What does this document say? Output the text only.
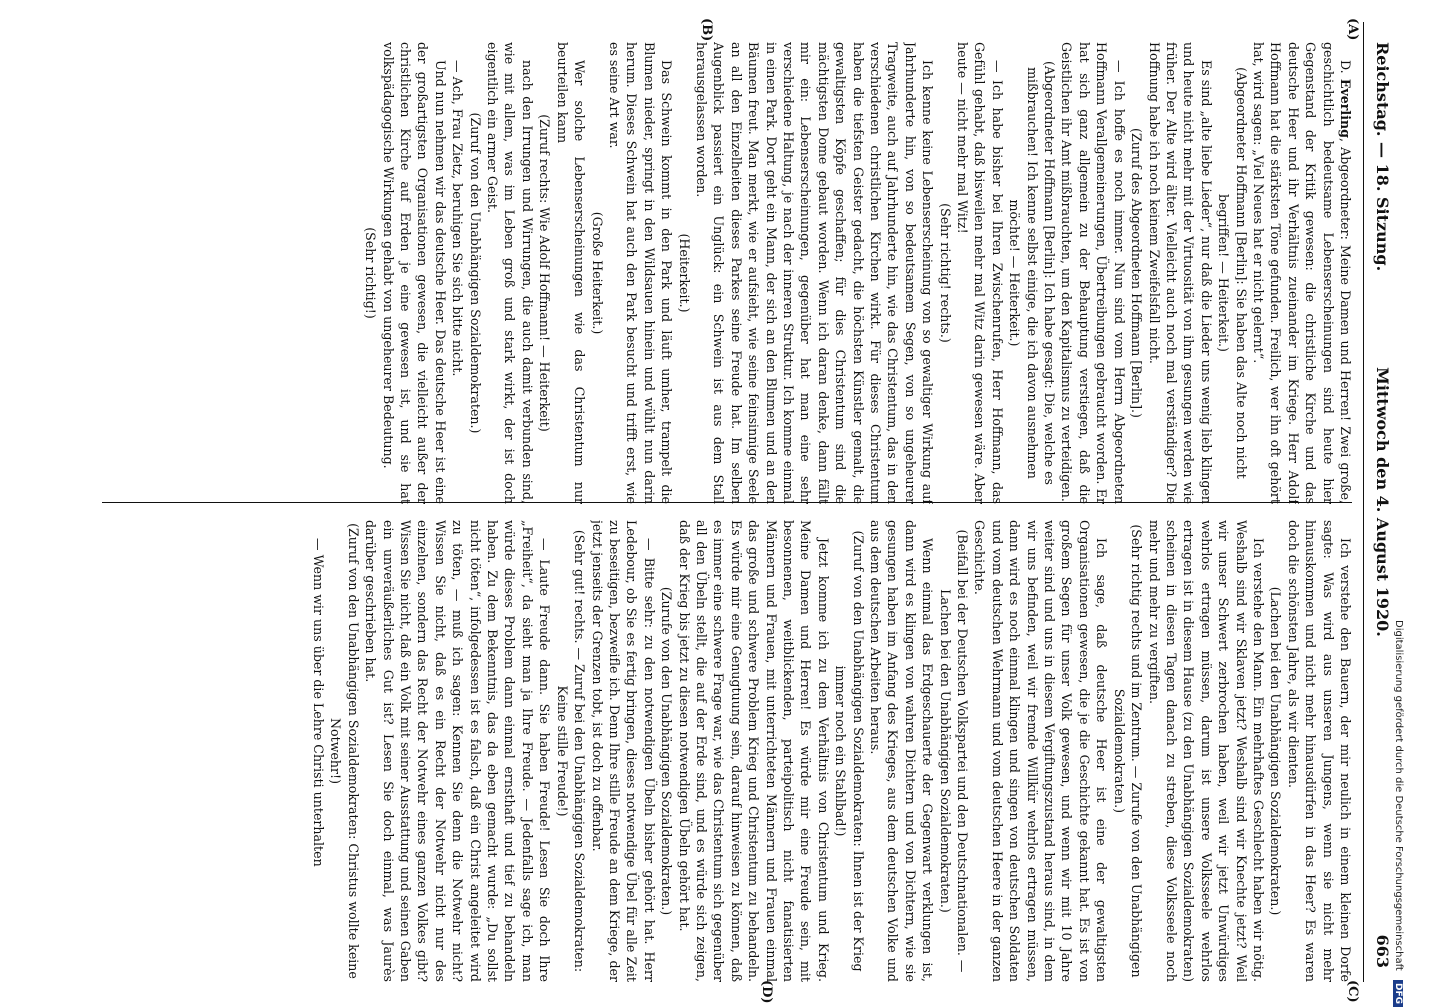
Reichstag. — 18. Sitzung.
Mittwoch den 4. August 1920.
663
(A)
(B)
(C)
(D)

D. Everling, Abgeordneter: Meine Damen und Herren! Zwei große, geschichtlich bedeutsame Lebenserscheinungen sind heute hier Gegenstand der Kritik gewesen: die christliche Kirche und das deutsche Heer und ihr Verhältnis zueinander im Kriege. Herr Adolf Hoffmann hat die stärksten Töne gefunden. Freilich, wer ihn oft gehört hat, wird sagen: „Viel Neues hat er nicht gelernt“.

(Abgeordneter Hoffmann [Berlin]: Sie haben das Alte noch nicht begriffen! — Heiterkeit.)

Es sind „alte liebe Lieder“, nur daß die Lieder uns wenig lieb klingen und heute nicht mehr mit der Virtuosität von ihm gesungen werden wie früher. Der Alte wird älter. Vielleicht auch noch mal verständiger? Die Hoffnung habe ich noch keinem Zweifelsfall nicht.

(Zuruf des Abgeordneten Hoffmann [Berlin].)

— Ich hoffe es noch immer. Nun sind vom Herrn Abgeordneten Hoffmann Verallgemeinerungen, Übertreibungen gebraucht worden. Er hat sich ganz allgemein zu der Behauptung verstiegen, daß die Geistlichen ihr Amt mißbrauchten, um den Kapitalismus zu verteidigen.

(Abgeordneter Hoffmann [Berlin]: Ich habe gesagt: Die, welche es mißbrauchen! Ich kenne selbst einige, die ich davon ausnehmen möchte! — Heiterkeit.)

— Ich habe bisher bei Ihren Zwischenrufen, Herr Hoffmann, das Gefühl gehabt, daß bisweilen mehr mal Witz darin gewesen wäre. Aber heute — nicht mehr mal Witz!

(Sehr richtig! rechts.)

Ich kenne keine Lebenserscheinung von so gewaltiger Wirkung auf Jahrhunderte hin, von so bedeutsamem Segen, von so ungeheurer Tragweite, auch auf Jahrhunderte hin, wie das Christentum, das in den verschiedenen christlichen Kirchen wirkt. Für dieses Christentum haben die tiefsten Geister gedacht, die höchsten Künstler gemalt, die gewaltigsten Köpfe geschaffen; für dies Christentum sind die mächtigsten Dome gebaut worden. Wenn ich daran denke, dann fällt mir ein: Lebenserscheinungen, gegenüber hat man eine sehr verschiedene Haltung, je nach der inneren Struktur. Ich komme einmal in einen Park. Dort geht ein Mann, der sich an den Blumen und an den Bäumen freut. Man merkt, wie er aufsieht, wie seine feinsinnige Seele an all den Einzelheiten dieses Parkes seine Freude hat. Im selben Augenblick passiert ein Unglück: ein Schwein ist aus dem Stall herausgelassen worden.

(Heiterkeit.)

Das Schwein kommt in den Park und läuft umher, trampelt die Blumen nieder, springt in den Wildsauen hinein und wühlt nun darin herum. Dieses Schwein hat auch den Park besucht und trifft erst, wie es seine Art war.

(Große Heiterkeit.)

Wer solche Lebenserscheinungen wie das Christentum nur beurteilen kann

(Zuruf rechts: Wie Adolf Hoffmann! — Heiterkeit)

nach den Irrungen und Wirrungen, die auch damit verbunden sind, wie mit allem, was im Leben groß und stark wirkt, der ist doch eigentlich ein armer Geist.

(Zuruf von den Unabhängigen Sozialdemokraten.)

— Ach, Frau Zietz, beruhigen Sie sich bitte nicht.

Und nun nehmen wir das deutsche Heer. Das deutsche Heer ist eine der großartigsten Organisationen gewesen, die vielleicht außer der christlichen Kirche auf Erden je eine gewesen ist, und sie hat volkspädagogische Wirkungen gehabt von ungeheurer Bedeutung.

(Sehr richtig!)

Ich verstehe den Bauern, der mir neulich in einem kleinen Dorfe sagte: Was wird aus unseren Jungens, wenn sie nicht mehr hinauskommen und nicht mehr hinausdürfen in das Heer? Es waren doch die schönsten Jahre, als wir dienten.

(Lachen bei den Unabhängigen Sozialdemokraten.)

Ich verstehe den Mann. Ein mehrhaftes Geschlecht haben wir nötig. Weshalb sind wir Sklaven jetzt? Weshalb sind wir Knechte jetzt? Weil wir unser Schwert zerbrochen haben, weil wir jetzt Unwürdiges wehrlos ertragen müssen, darum ist unsere Volksseele wehrlos ertragen ist in diesem Hause (zu den Unabhängigen Sozialdemokraten) scheinen in diesen Tagen danach zu streben, diese Volksseele noch mehr und mehr zu vergiften.

(Sehr richtig rechts und im Zentrum. — Zurufe von den Unabhängigen Sozialdemokraten.)

Ich sage, daß deutsche Heer ist eine der gewaltigsten Organisationen gewesen, die je die Geschichte gekannt hat. Es ist von großem Segen für unser Volk gewesen, und wenn wir mit 10 Jahre weiter sind und uns in diesem Vergiftungszustand heraus sind, in dem wir uns befinden, weil wir fremde Willkür wehrlos ertragen müssen, dann wird es noch einmal klingen und singen von deutschen Soldaten und vom deutschen Wehrmann und vom deutschen Heere in der ganzen Geschichte.

(Beifall bei der Deutschen Volkspartei und den Deutschnationalen. — Lachen bei den Unabhängigen Sozialdemokraten.)

Wenn einmal das Erdgeschauerte der Gegenwart verklungen ist, dann wird es klingen von wahren Dichtern und von Dichtern, wie sie gesungen haben im Anfang des Krieges, aus dem deutschen Volke und aus dem deutschen Arbeiten heraus.

(Zuruf von den Unabhängigen Sozialdemokraten: Ihnen ist der Krieg immer noch ein Stahlbad!)

Jetzt komme ich zu dem Verhältnis von Christentum und Krieg. Meine Damen und Herren! Es würde mir eine Freude sein, mit besonnenen, weitblickenden, parteipolitisch nicht fanatisierten Männern und Frauen, mit unterrichteten Männern und Frauen einmal das große und schwere Problem Krieg und Christentum zu behandeln. Es würde mir eine Genugtuung sein, darauf hinweisen zu können, daß es immer eine schwere Frage war, wie das Christentum sich gegenüber all den Übeln stellt, die auf der Erde sind, und es würde sich zeigen, daß der Krieg bis jetzt zu diesen notwendigen Übeln gehört hat.

(Zurufe von den Unabhängigen Sozialdemokraten.)

— Bitte sehr: zu den notwendigen Übeln bisher gehört hat. Herr Ledebour, ob Sie es fertig bringen, dieses notwendige Übel für alle Zeit zu beseitigen, bezweifle ich. Denn Ihre stille Freude an dem Kriege, der jetzt jenseits der Grenzen tobt, ist doch zu offenbar.

(Sehr gut! rechts. — Zuruf bei den Unabhängigen Sozialdemokraten: Keine stille Freude!)

— Laute Freude dann. Sie haben Freude! Lesen Sie doch Ihre „Freiheit“, da sieht man ja Ihre Freude. — Jedenfalls sage ich, man würde dieses Problem dann einmal ernsthaft und tief zu behandeln haben. Zu dem Bekenntnis, das da eben gemacht wurde: „Du sollst nicht töten“, infolgedessen ist es falsch, daß ein Christ angeleitet wird zu töten, — muß ich sagen: Kennen Sie denn die Notwehr nicht? Wissen Sie nicht, daß es ein Recht der Notwehr nicht nur des einzelnen, sondern das Recht der Notwehr eines ganzen Volkes gibt? Wissen Sie nicht, daß ein Volk mit seiner Ausstattung und seinen Gaben ein unveräußerliches Gut ist? Lesen Sie doch einmal, was Jaurès darüber geschrieben hat.

(Zuruf von den Unabhängigen Sozialdemokraten: Christus wollte keine Notwehr!)

— Wenn wir uns über die Lehre Christi unterhalten	Digitalisierung gefördert durch die Deutsche Forschungsgemeinschaft DFG
